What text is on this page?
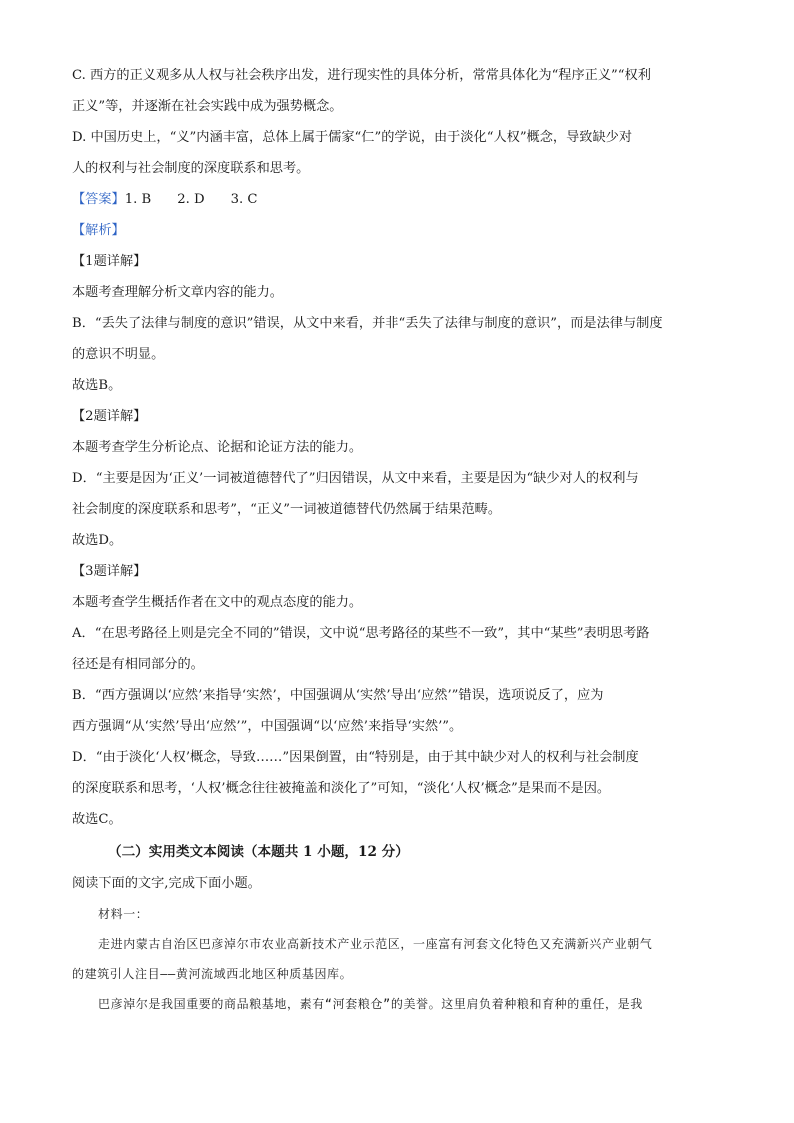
C. 西方的正义观多从人权与社会秩序出发，进行现实性的具体分析，常常具体化为“程序正义”“权利
正义”等，并逐渐在社会实践中成为强势概念。
D. 中国历史上，“义”内涵丰富，总体上属于儒家“仁”的学说，由于淡化“人权”概念，导致缺少对
人的权利与社会制度的深度联系和思考。
【答案】1. B 2. D 3. C
【解析】
【1题详解】
本题考查理解分析文章内容的能力。
B．“丢失了法律与制度的意识”错误，从文中来看，并非“丢失了法律与制度的意识”，而是法律与制度
的意识不明显。
故选B。
【2题详解】
本题考查学生分析论点、论据和论证方法的能力。
D．“主要是因为‘正义’一词被道德替代了”归因错误，从文中来看，主要是因为“缺少对人的权利与
社会制度的深度联系和思考”，“正义”一词被道德替代仍然属于结果范畴。
故选D。
【3题详解】
本题考查学生概括作者在文中的观点态度的能力。
A．“在思考路径上则是完全不同的”错误，文中说“思考路径的某些不一致”，其中“某些”表明思考路
径还是有相同部分的。
B．“西方强调以‘应然’来指导‘实然’，中国强调从‘实然’导出‘应然’”错误，选项说反了，应为
西方强调“从‘实然’导出‘应然’”，中国强调“以‘应然’来指导‘实然’”。
D．“由于淡化‘人权’概念，导致……”因果倒置，由“特别是，由于其中缺少对人的权利与社会制度
的深度联系和思考，‘人权’概念往往被掩盖和淡化了”可知，“淡化‘人权’概念”是果而不是因。
故选C。
（二）实用类文本阅读（本题共 1 小题，12 分）
阅读下面的文字,完成下面小题。
材料一：
走进内蒙古自治区巴彦淖尔市农业高新技术产业示范区，一座富有河套文化特色又充满新兴产业朝气
的建筑引人注目——黄河流域西北地区种质基因库。
巴彦淖尔是我国重要的商品粮基地，素有“河套粮仓”的美誉。这里肩负着种粮和育种的重任，是我
